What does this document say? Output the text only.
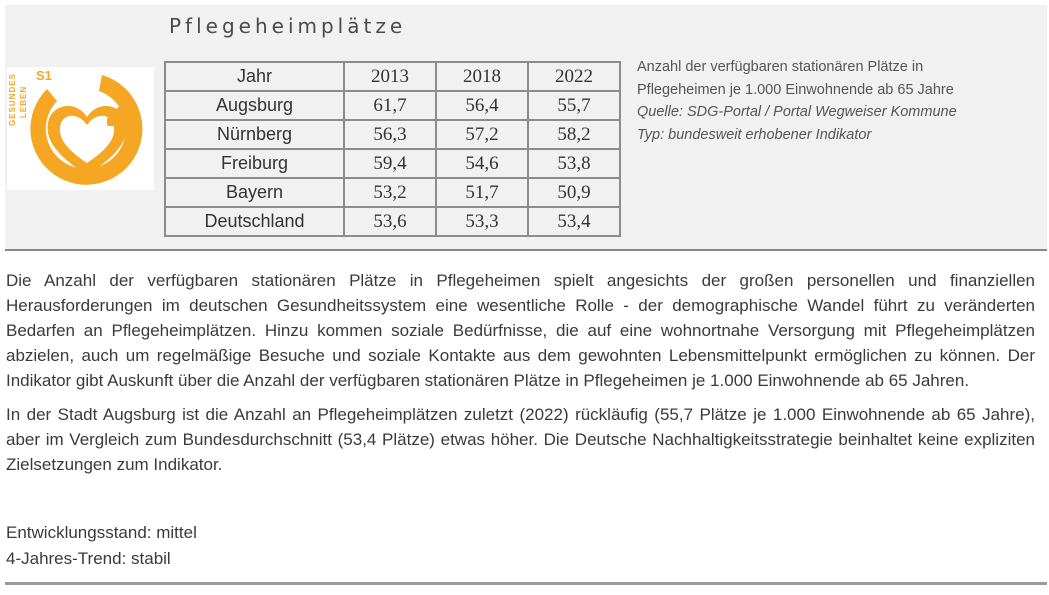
Pflegeheimplätze
S1
GESUNDES LEBEN
Jahr	2013	2018	2022
Augsburg	61,7	56,4	55,7
Nürnberg	56,3	57,2	58,2
Freiburg	59,4	54,6	53,8
Bayern	53,2	51,7	50,9
Deutschland	53,6	53,3	53,4
Anzahl der verfügbaren stationären Plätze in
Pflegeheimen je 1.000 Einwohnende ab 65 Jahre
Quelle: SDG-Portal / Portal Wegweiser Kommune
Typ: bundesweit erhobener Indikator

Die Anzahl der verfügbaren stationären Plätze in Pflegeheimen spielt angesichts der großen personellen und finanziellen Herausforderungen im deutschen Gesundheitssystem eine wesentliche Rolle - der demographische Wandel führt zu veränderten Bedarfen an Pflegeheimplätzen. Hinzu kommen soziale Bedürfnisse, die auf eine wohnortnahe Versorgung mit Pflegeheimplätzen abzielen, auch um regelmäßige Besuche und soziale Kontakte aus dem gewohnten Lebensmittelpunkt ermöglichen zu können. Der Indikator gibt Auskunft über die Anzahl der verfügbaren stationären Plätze in Pflegeheimen je 1.000 Einwohnende ab 65 Jahren.

In der Stadt Augsburg ist die Anzahl an Pflegeheimplätzen zuletzt (2022) rückläufig (55,7 Plätze je 1.000 Einwohnende ab 65 Jahre), aber im Vergleich zum Bundesdurchschnitt (53,4 Plätze) etwas höher. Die Deutsche Nachhaltigkeitsstrategie beinhaltet keine expliziten Zielsetzungen zum Indikator.

Entwicklungsstand: mittel
4-Jahres-Trend: stabil
